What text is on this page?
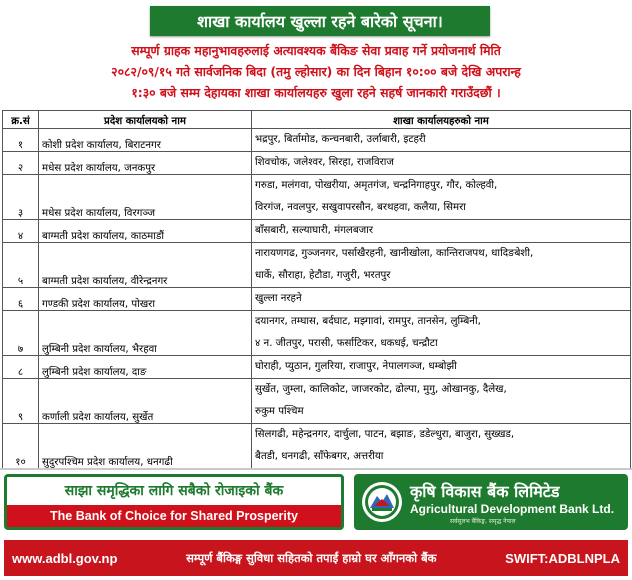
शाखा कार्यालय खुल्ला रहने बारेको सूचना।
सम्पूर्ण ग्राहक महानुभावहरुलाई अत्यावश्यक बैंकिङ सेवा प्रवाह गर्ने प्रयोजनार्थ मिति
२०८२/०९/१५ गते सार्वजनिक बिदा (तमु ल्होसार) का दिन बिहान १०:०० बजे देखि अपरान्ह
१:३० बजे सम्म देहायका शाखा कार्यालयहरु खुला रहने सहर्ष जानकारी गराउँदछौं ।
क्र.सं	प्रदेश कार्यालयको नाम	शाखा कार्यालयहरुको नाम
१	कोशी प्रदेश कार्यालय, बिराटनगर	भद्रपुर, बिर्तामोड, कन्चनबारी, उर्लाबारी, इटहरी
२	मधेस प्रदेश कार्यालय, जनकपुर	शिवचोक, जलेश्वर, सिरहा, राजविराज
३	मधेस प्रदेश कार्यालय, विरगञ्ज	गरुडा, मलंगवा, पोखरीया, अमृतगंज, चन्द्रनिगाहपुर, गौर, कोल्हवी,
विरगंज, नवलपुर, सखुवापरसौन, बरथहवा, कलैया, सिमरा
४	बाग्मती प्रदेश कार्यालय, काठमाडौं	बाँसबारी, सल्याघारी, मंगलबजार
५	बाग्मती प्रदेश कार्यालय, वीरेन्द्रनगर	नारायणगढ, गुञ्जनगर, पर्साखैरहनी, खानीखोला, कान्तिराजपथ, धादिङबेशी,
धार्के, सौराहा, हेटौडा, गजुरी, भरतपुर
६	गण्डकी प्रदेश कार्यालय, पोखरा	खुल्ला नरहने
७	लुम्बिनी प्रदेश कार्यालय, भैरहवा	दयानगर, तम्घास, बर्दघाट, मझ्गावां, रामपुर, तानसेन, लुम्बिनी,
४ न. जीतपुर, परासी, फर्साटिकर, धकधई, चन्द्रौटा
८	लुम्बिनी प्रदेश कार्यालय, दाङ	घोराही, प्युठान, गुलरिया, राजापुर, नेपालगञ्ज, धम्बोझी
९	कर्णाली प्रदेश कार्यालय, सुर्खेत	सुर्खेत, जुम्ला, कालिकोट, जाजरकोट, ढोल्पा, मुगु, ओखानकु, दैलेख,
रुकुम पश्चिम
१०	सुदुरपश्चिम प्रदेश कार्यालय, धनगढी	सिलगढी, महेन्द्रनगर, दार्चुला, पाटन, बझाङ, डडेल्धुरा, बाजुरा, सुख्खड,
बैतडी, धनगढी, साँफेबगर, अत्तरीया
साझा समृद्धिका लागि सबैको रोजाइको बैंक
The Bank of Choice for Shared Prosperity
कृषि विकास बैंक लिमिटेड
Agricultural Development Bank Ltd.
सर्वसुलभ बैंकिङ्ग, समृद्ध नेपाल
www.adbl.gov.np	सम्पूर्ण बैंकिङ्ग सुविधा सहितको तपाईं हाम्रो घर आँगनको बैंक	SWIFT:ADBLNPLA
